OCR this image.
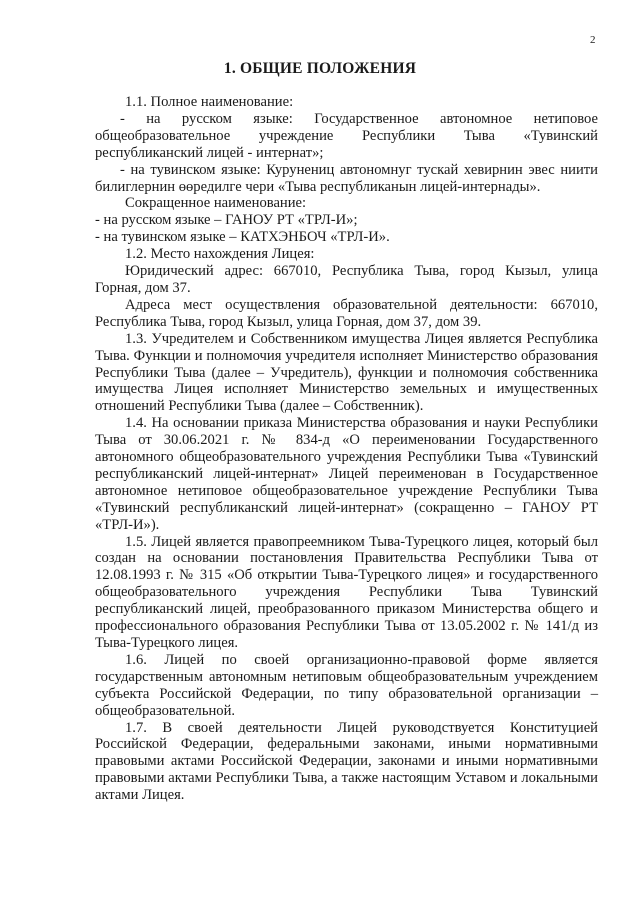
2
1. ОБЩИЕ ПОЛОЖЕНИЯ

1.1. Полное наименование:

- на русском языке: Государственное автономное нетиповое общеобразовательное учреждение Республики Тыва «Тувинский республиканский лицей - интернат»;

- на тувинском языке: Курунениц автономнуг тускай хевирнин эвес ниити билиглернин өөредилге чери «Тыва республиканын лицей-интернады».

Сокращенное наименование:

- на русском языке – ГАНОУ РТ «ТРЛ-И»;

- на тувинском языке – КАТХЭНБОЧ «ТРЛ-И».

1.2. Место нахождения Лицея:

Юридический адрес: 667010, Республика Тыва, город Кызыл, улица Горная, дом 37.

Адреса мест осуществления образовательной деятельности: 667010, Республика Тыва, город Кызыл, улица Горная, дом 37, дом 39.

1.3. Учредителем и Собственником имущества Лицея является Республика Тыва. Функции и полномочия учредителя исполняет Министерство образования Республики Тыва (далее – Учредитель), функции и полномочия собственника имущества Лицея исполняет Министерство земельных и имущественных отношений Республики Тыва (далее – Собственник).

1.4. На основании приказа Министерства образования и науки Республики Тыва от 30.06.2021 г. № 834-д «О переименовании Государственного автономного общеобразовательного учреждения Республики Тыва «Тувинский республиканский лицей-интернат» Лицей переименован в Государственное автономное нетиповое общеобразовательное учреждение Республики Тыва «Тувинский республиканский лицей-интернат» (сокращенно – ГАНОУ РТ «ТРЛ-И»).

1.5. Лицей является правопреемником Тыва-Турецкого лицея, который был создан на основании постановления Правительства Республики Тыва от 12.08.1993 г. № 315 «Об открытии Тыва-Турецкого лицея» и государственного общеобразовательного учреждения Республики Тыва Тувинский республиканский лицей, преобразованного приказом Министерства общего и профессионального образования Республики Тыва от 13.05.2002 г. № 141/д из Тыва-Турецкого лицея.

1.6. Лицей по своей организационно-правовой форме является государственным автономным нетиповым общеобразовательным учреждением субъекта Российской Федерации, по типу образовательной организации – общеобразовательной.

1.7. В своей деятельности Лицей руководствуется Конституцией Российской Федерации, федеральными законами, иными нормативными правовыми актами Российской Федерации, законами и иными нормативными правовыми актами Республики Тыва, а также настоящим Уставом и локальными актами Лицея.
